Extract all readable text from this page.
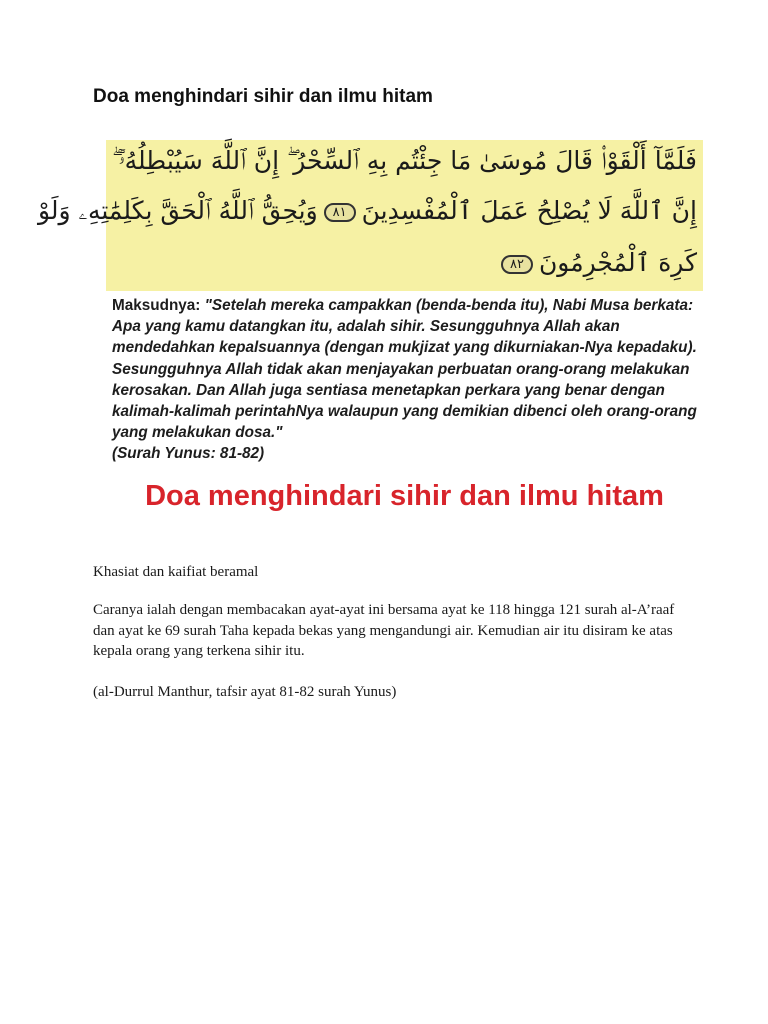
Doa menghindari sihir dan ilmu hitam
فَلَمَّآ أَلْقَوْا۟ قَالَ مُوسَىٰ مَا جِئْتُم بِهِ ٱلسِّحْرُ ۖ إِنَّ ٱللَّهَ سَيُبْطِلُهُۥٓ ۖ
إِنَّ ٱللَّهَ لَا يُصْلِحُ عَمَلَ ٱلْمُفْسِدِينَ٨١وَيُحِقُّ ٱللَّهُ ٱلْحَقَّ بِكَلِمَٰتِهِۦ وَلَوْ
كَرِهَ ٱلْمُجْرِمُونَ٨٢
Maksudnya: "Setelah mereka campakkan (benda-benda itu), Nabi Musa berkata: Apa yang kamu datangkan itu, adalah sihir. Sesungguhnya Allah akan mendedahkan kepalsuannya (dengan mukjizat yang dikurniakan-Nya kepadaku). Sesungguhnya Allah tidak akan menjayakan perbuatan orang-orang melakukan kerosakan. Dan Allah juga sentiasa menetapkan perkara yang benar dengan kalimah-kalimah perintahNya walaupun yang demikian dibenci oleh orang-orang yang melakukan dosa."
(Surah Yunus: 81-82)
Doa menghindari sihir dan ilmu hitam

Khasiat dan kaifiat beramal

Caranya ialah dengan membacakan ayat-ayat ini bersama ayat ke 118 hingga 121 surah al-A’raaf dan ayat ke 69 surah Taha kepada bekas yang mengandungi air. Kemudian air itu disiram ke atas kepala orang yang terkena sihir itu.

(al-Durrul Manthur, tafsir ayat 81-82 surah Yunus)
